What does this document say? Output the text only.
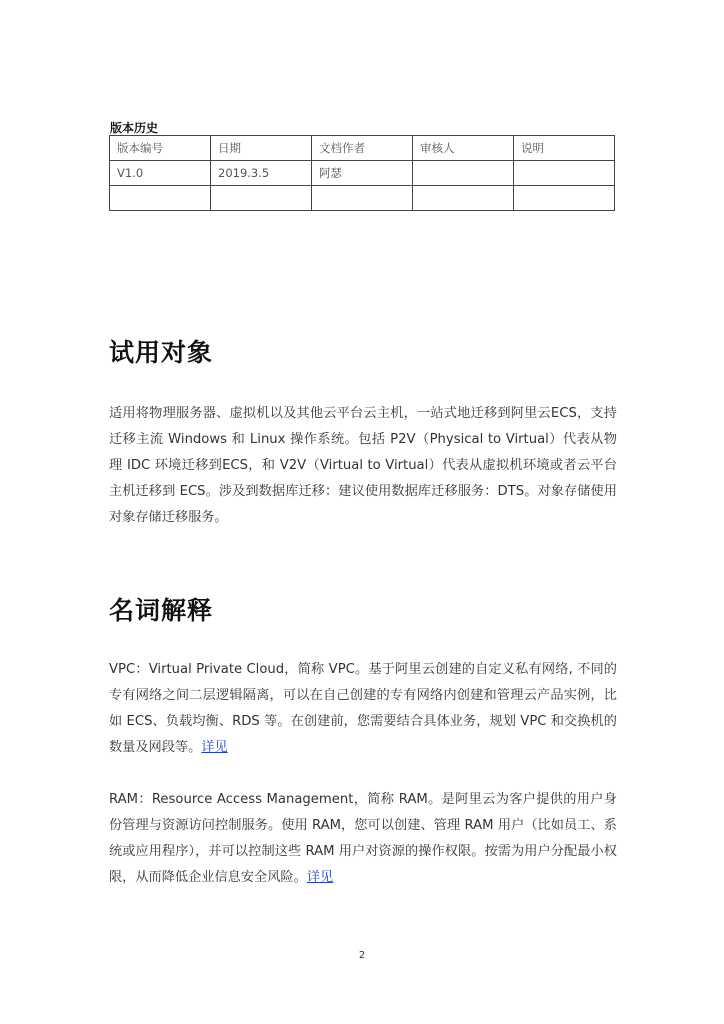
版本历史
版本编号	日期	文档作者	审核人	说明
V1.0	2019.3.5	阿瑟		

试用对象

适用将物理服务器、虚拟机以及其他云平台云主机，一站式地迁移到阿里云ECS，支持迁移主流 Windows 和 Linux 操作系统。包括 P2V（Physical to Virtual）代表从物理 IDC 环境迁移到ECS，和 V2V（Virtual to Virtual）代表从虚拟机环境或者云平台主机迁移到 ECS。涉及到数据库迁移：建议使用数据库迁移服务：DTS。对象存储使用对象存储迁移服务。

名词解释

VPC：Virtual Private Cloud，简称 VPC。基于阿里云创建的自定义私有网络, 不同的专有网络之间二层逻辑隔离，可以在自己创建的专有网络内创建和管理云产品实例，比如 ECS、负载均衡、RDS 等。在创建前，您需要结合具体业务，规划 VPC 和交换机的数量及网段等。详见

RAM：Resource Access Management，简称 RAM。是阿里云为客户提供的用户身份管理与资源访问控制服务。使用 RAM，您可以创建、管理 RAM 用户（比如员工、系统或应用程序），并可以控制这些 RAM 用户对资源的操作权限。按需为用户分配最小权限，从而降低企业信息安全风险。详见

2
